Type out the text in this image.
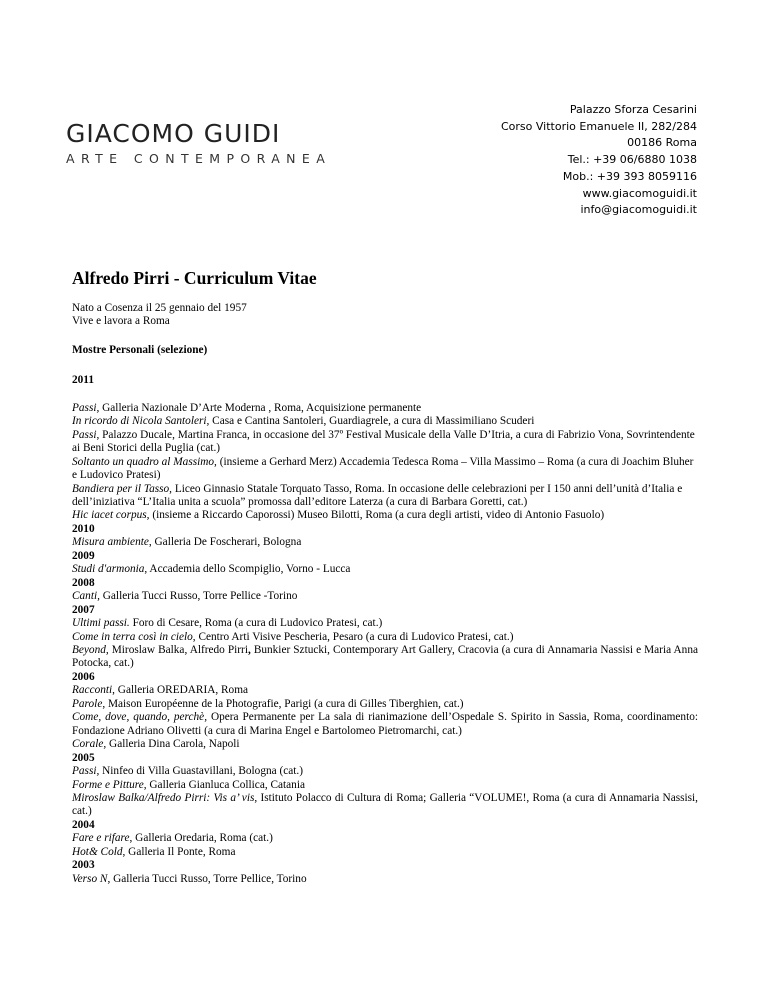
GIACOMO GUIDI
ARTE CONTEMPORANEA
Palazzo Sforza Cesarini
Corso Vittorio Emanuele II, 282/284
00186 Roma
Tel.: +39 06/6880 1038
Mob.: +39 393 8059116
www.giacomoguidi.it
info@giacomoguidi.it
Alfredo Pirri - Curriculum Vitae

Nato a Cosenza il 25 gennaio del 1957

Vive e lavora a Roma

Mostre Personali (selezione)

2011

Passi, Galleria Nazionale D’Arte Moderna , Roma, Acquisizione permanente

In ricordo di Nicola Santoleri, Casa e Cantina Santoleri, Guardiagrele, a cura di Massimiliano Scuderi

Passi, Palazzo Ducale, Martina Franca, in occasione del 37º Festival Musicale della Valle D’Itria, a cura di Fabrizio Vona, Sovrintendente ai Beni Storici della Puglia (cat.)

Soltanto un quadro al Massimo, (insieme a Gerhard Merz) Accademia Tedesca Roma – Villa Massimo – Roma (a cura di Joachim Bluher e Ludovico Pratesi)

Bandiera per il Tasso, Liceo Ginnasio Statale Torquato Tasso, Roma. In occasione delle celebrazioni per I 150 anni dell’unità d’Italia e dell’iniziativa “L’Italia unita a scuola” promossa dall’editore Laterza (a cura di Barbara Goretti, cat.)

Hic iacet corpus, (insieme a Riccardo Caporossi) Museo Bilotti, Roma (a cura degli artisti, video di Antonio Fasuolo)

2010

Misura ambiente, Galleria De Foscherari, Bologna

2009

Studi d'armonia, Accademia dello Scompiglio, Vorno - Lucca

2008

Canti, Galleria Tucci Russo, Torre Pellice -Torino

2007

Ultimi passi. Foro di Cesare, Roma (a cura di Ludovico Pratesi, cat.)

Come in terra così in cielo, Centro Arti Visive Pescheria, Pesaro (a cura di Ludovico Pratesi, cat.)

Beyond, Miroslaw Balka, Alfredo Pirri, Bunkier Sztucki, Contemporary Art Gallery, Cracovia (a cura di Annamaria Nassisi e Maria Anna Potocka, cat.)

2006

Racconti, Galleria OREDARIA, Roma

Parole, Maison Européenne de la Photografie, Parigi (a cura di Gilles Tiberghien, cat.)

Come, dove, quando, perchè, Opera Permanente per La sala di rianimazione dell’Ospedale S. Spirito in Sassia, Roma, coordinamento: Fondazione Adriano Olivetti (a cura di Marina Engel e Bartolomeo Pietromarchi, cat.)

Corale, Galleria Dina Carola, Napoli

2005

Passi, Ninfeo di Villa Guastavillani, Bologna (cat.)

Forme e Pitture, Galleria Gianluca Collica, Catania

Miroslaw Balka/Alfredo Pirri: Vis a’ vis, Istituto Polacco di Cultura di Roma; Galleria “VOLUME!, Roma (a cura di Annamaria Nassisi, cat.)

2004

Fare e rifare, Galleria Oredaria, Roma (cat.)

Hot& Cold, Galleria Il Ponte, Roma

2003

Verso N, Galleria Tucci Russo, Torre Pellice, Torino
